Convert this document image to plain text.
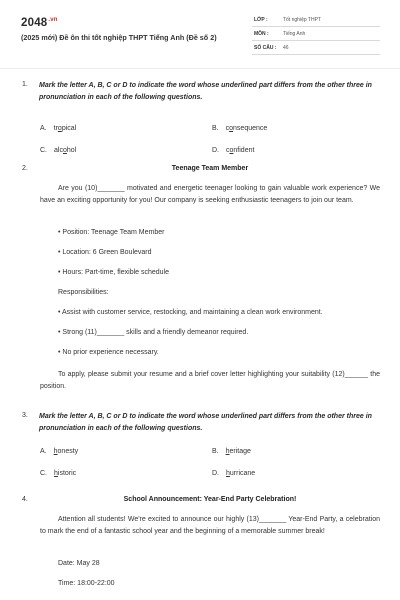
$2048^{.vn}$
(2025 mới) Đề ôn thi tốt nghiệp THPT Tiếng Anh (Đề số 2)
LỚP :	Tốt nghiệp THPT
MÔN :	Tiếng Anh
SỐ CÂU : 46
1. Mark the letter A, B, C or D to indicate the word whose underlined part differs from the other three in pronunciation in each of the following questions.
A. tropical	B. consequence
C. alcohol	D. confident
2.	Teenage Team Member
Are you (10)_______ motivated and energetic teenager looking to gain valuable work experience? We have an exciting opportunity for you! Our company is seeking enthusiastic teenagers to join our team.
• Position: Teenage Team Member
• Location: 6 Green Boulevard
• Hours: Part-time, flexible schedule
Responsibilities:
• Assist with customer service, restocking, and maintaining a clean work environment.
• Strong (11)_______ skills and a friendly demeanor required.
• No prior experience necessary.
To apply, please submit your resume and a brief cover letter highlighting your suitability (12)______ the position.
3. Mark the letter A, B, C or D to indicate the word whose underlined part differs from the other three in pronunciation in each of the following questions.
A. honesty	B. heritage
C. historic	D. hurricane
4.	School Announcement: Year-End Party Celebration!
Attention all students! We're excited to announce our highly (13)_______ Year-End Party, a celebration to mark the end of a fantastic school year and the beginning of a memorable summer break!
Date: May 28
Time: 18:00-22:00
